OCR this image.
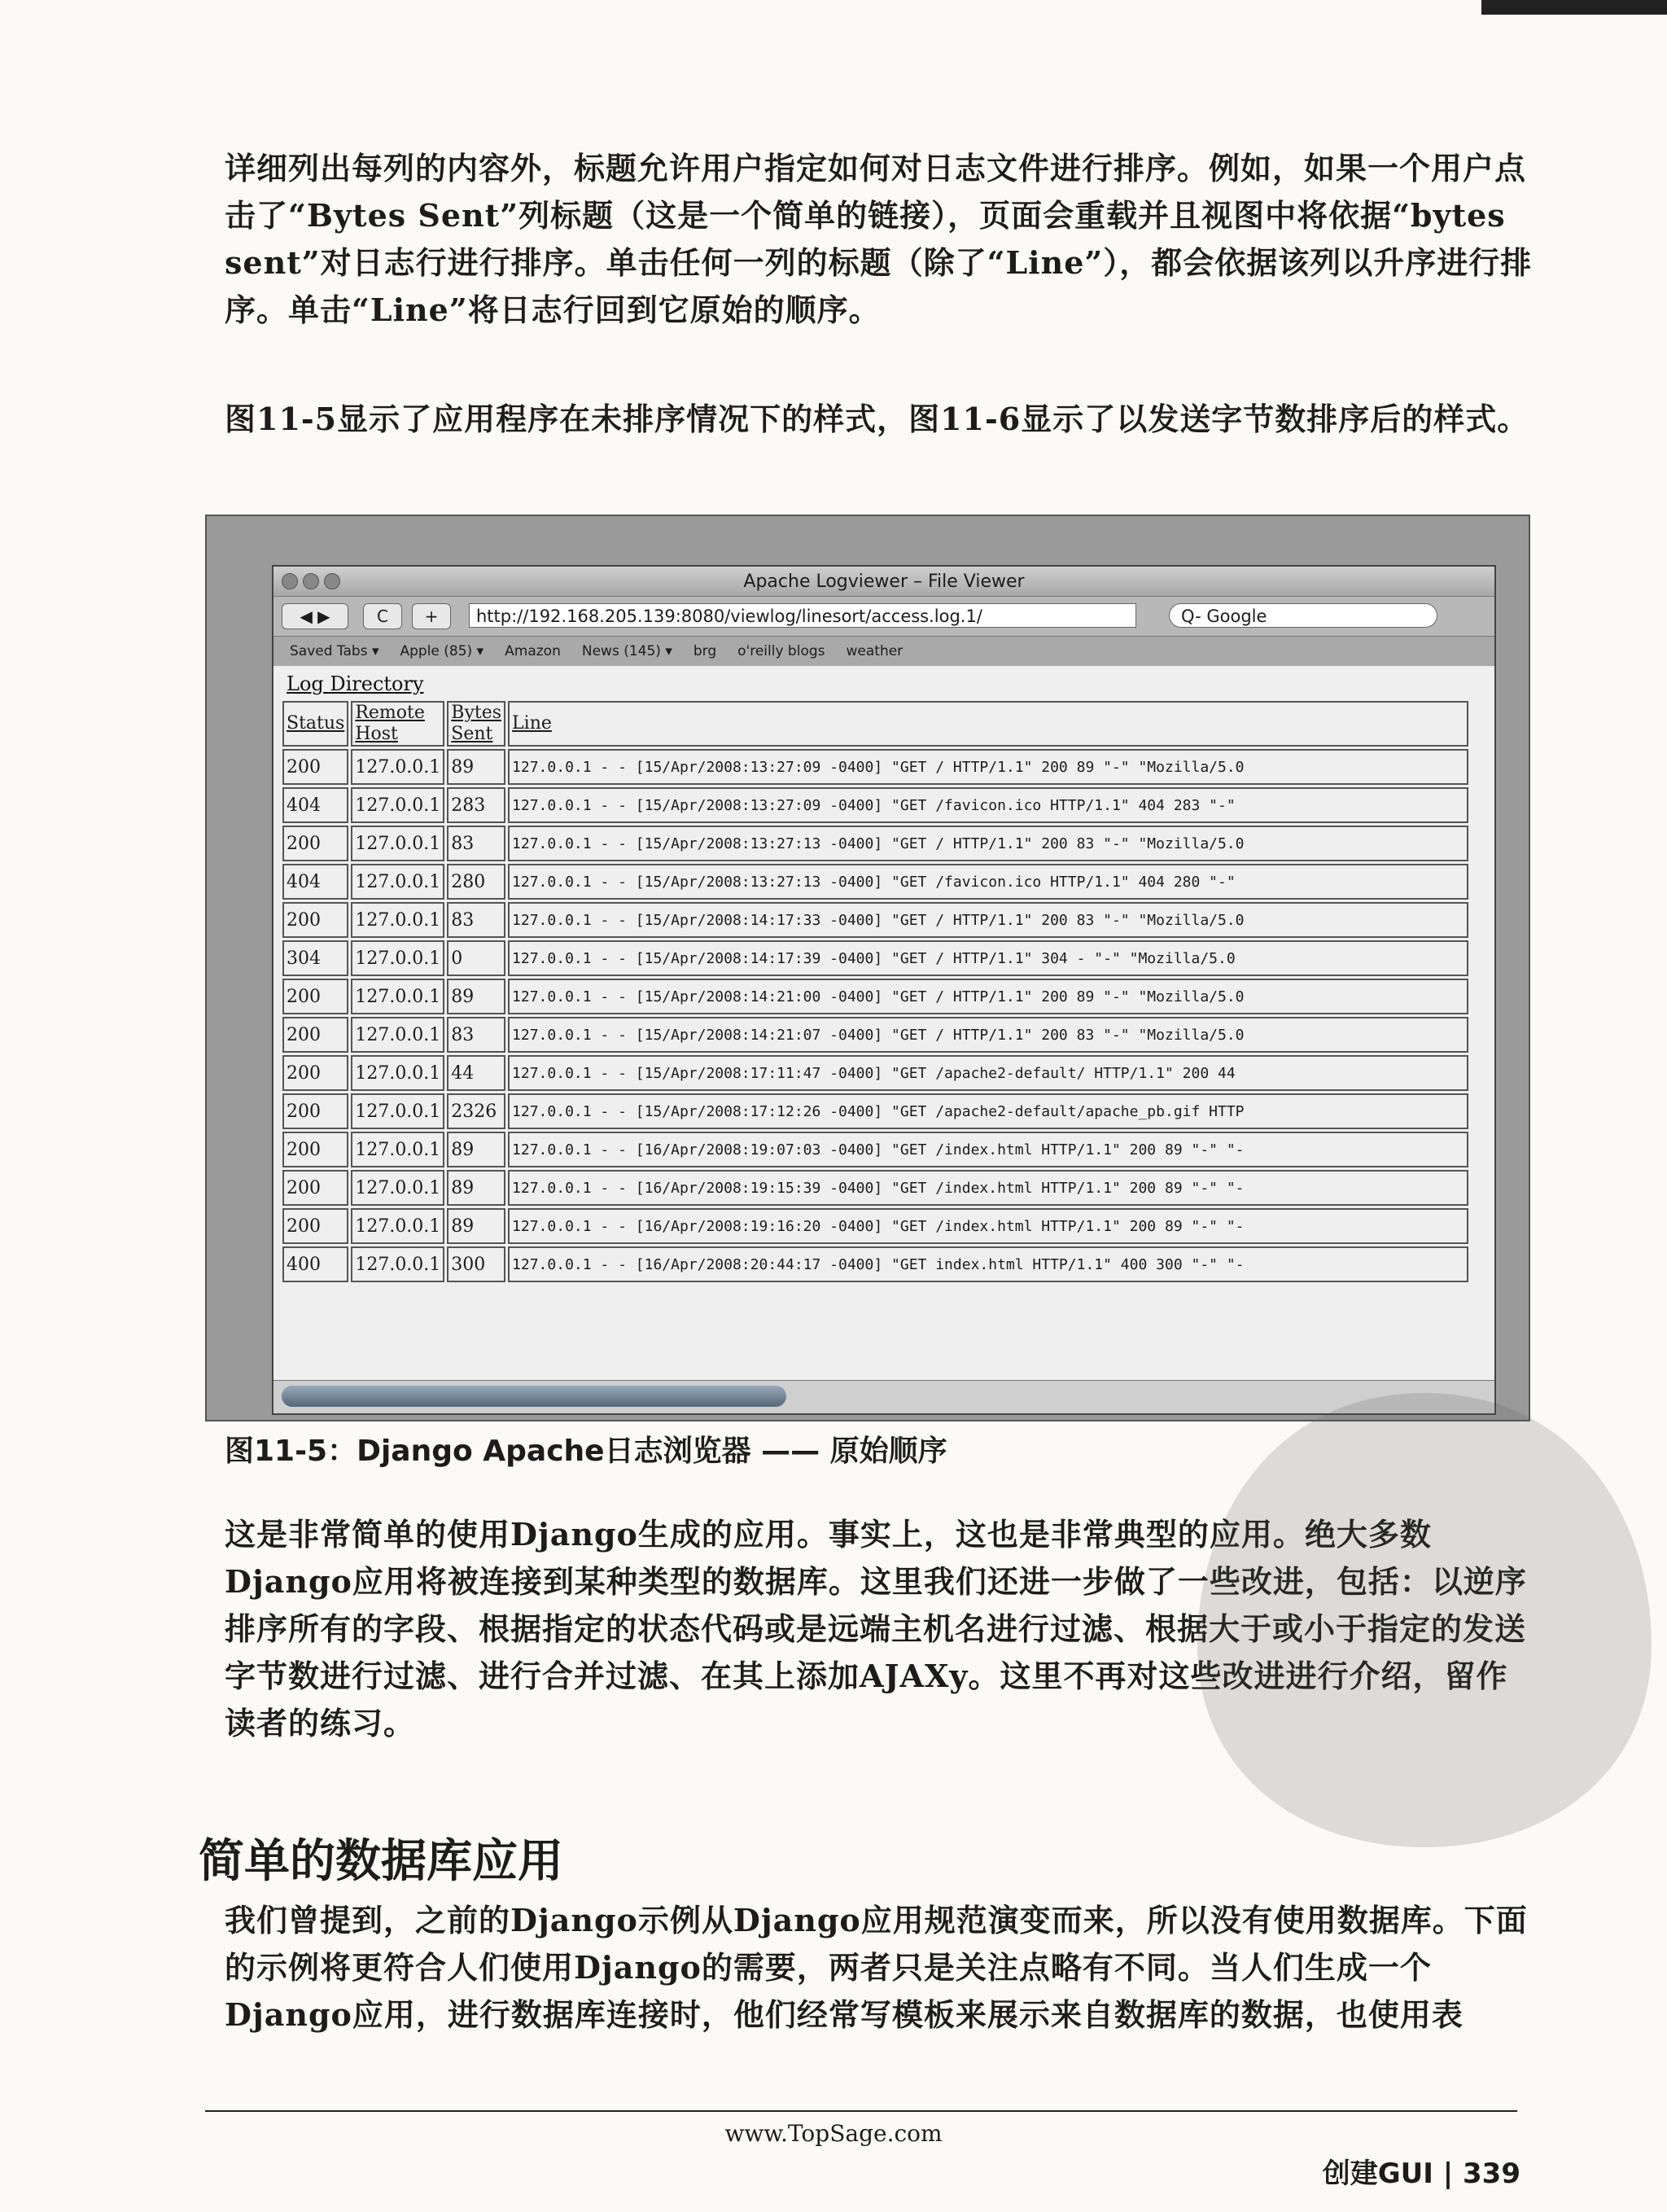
详细列出每列的内容外，标题允许用户指定如何对日志文件进行排序。例如，如果一个用户点击了“Bytes Sent”列标题（这是一个简单的链接），页面会重载并且视图中将依据“bytes sent”对日志行进行排序。单击任何一列的标题（除了“Line”），都会依据该列以升序进行排序。单击“Line”将日志行回到它原始的顺序。

图11-5显示了应用程序在未排序情况下的样式，图11-6显示了以发送字节数排序后的样式。

Apache Logviewer – File Viewer
◀ ▶	C	+	http://192.168.205.139:8080/viewlog/linesort/access.log.1/	Q- Google
Saved Tabs ▾ Apple (85) ▾ Amazon News (145) ▾ brg o'reilly blogs weather
Log Directory
Status	Remote Host	Bytes Sent	Line
200	127.0.0.1	89	127.0.0.1 - - [15/Apr/2008:13:27:09 -0400] "GET / HTTP/1.1" 200 89 "-" "Mozilla/5.0
404	127.0.0.1	283	127.0.0.1 - - [15/Apr/2008:13:27:09 -0400] "GET /favicon.ico HTTP/1.1" 404 283 "-"
200	127.0.0.1	83	127.0.0.1 - - [15/Apr/2008:13:27:13 -0400] "GET / HTTP/1.1" 200 83 "-" "Mozilla/5.0
404	127.0.0.1	280	127.0.0.1 - - [15/Apr/2008:13:27:13 -0400] "GET /favicon.ico HTTP/1.1" 404 280 "-"
200	127.0.0.1	83	127.0.0.1 - - [15/Apr/2008:14:17:33 -0400] "GET / HTTP/1.1" 200 83 "-" "Mozilla/5.0
304	127.0.0.1	0	127.0.0.1 - - [15/Apr/2008:14:17:39 -0400] "GET / HTTP/1.1" 304 - "-" "Mozilla/5.0
200	127.0.0.1	89	127.0.0.1 - - [15/Apr/2008:14:21:00 -0400] "GET / HTTP/1.1" 200 89 "-" "Mozilla/5.0
200	127.0.0.1	83	127.0.0.1 - - [15/Apr/2008:14:21:07 -0400] "GET / HTTP/1.1" 200 83 "-" "Mozilla/5.0
200	127.0.0.1	44	127.0.0.1 - - [15/Apr/2008:17:11:47 -0400] "GET /apache2-default/ HTTP/1.1" 200 44
200	127.0.0.1	2326	127.0.0.1 - - [15/Apr/2008:17:12:26 -0400] "GET /apache2-default/apache_pb.gif HTTP
200	127.0.0.1	89	127.0.0.1 - - [16/Apr/2008:19:07:03 -0400] "GET /index.html HTTP/1.1" 200 89 "-" "-
200	127.0.0.1	89	127.0.0.1 - - [16/Apr/2008:19:15:39 -0400] "GET /index.html HTTP/1.1" 200 89 "-" "-
200	127.0.0.1	89	127.0.0.1 - - [16/Apr/2008:19:16:20 -0400] "GET /index.html HTTP/1.1" 200 89 "-" "-
400	127.0.0.1	300	127.0.0.1 - - [16/Apr/2008:20:44:17 -0400] "GET index.html HTTP/1.1" 400 300 "-" "-

图11-5：Django Apache日志浏览器 —— 原始顺序

这是非常简单的使用Django生成的应用。事实上，这也是非常典型的应用。绝大多数Django应用将被连接到某种类型的数据库。这里我们还进一步做了一些改进，包括：以逆序排序所有的字段、根据指定的状态代码或是远端主机名进行过滤、根据大于或小于指定的发送字节数进行过滤、进行合并过滤、在其上添加AJAXy。这里不再对这些改进进行介绍，留作读者的练习。

简单的数据库应用

我们曾提到，之前的Django示例从Django应用规范演变而来，所以没有使用数据库。下面的示例将更符合人们使用Django的需要，两者只是关注点略有不同。当人们生成一个Django应用，进行数据库连接时，他们经常写模板来展示来自数据库的数据，也使用表

www.TopSage.com
创建GUI | 339
